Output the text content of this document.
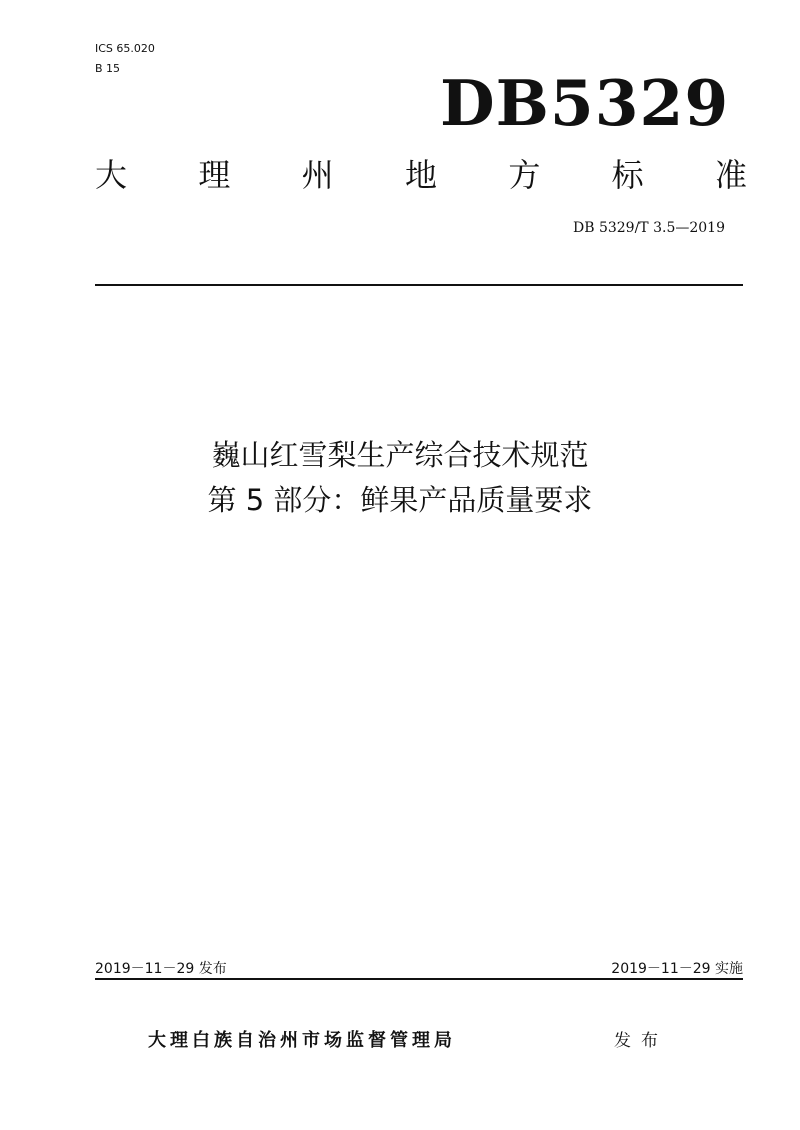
ICS 65.020
B 15	DB5329
大 理 州 地 方 标 准
DB 5329/T 3.5—2019
巍山红雪梨生产综合技术规范
第 5 部分：鲜果产品质量要求
2019－11－29 发布	2019－11－29 实施
大理白族自治州市场监督管理局	发布
